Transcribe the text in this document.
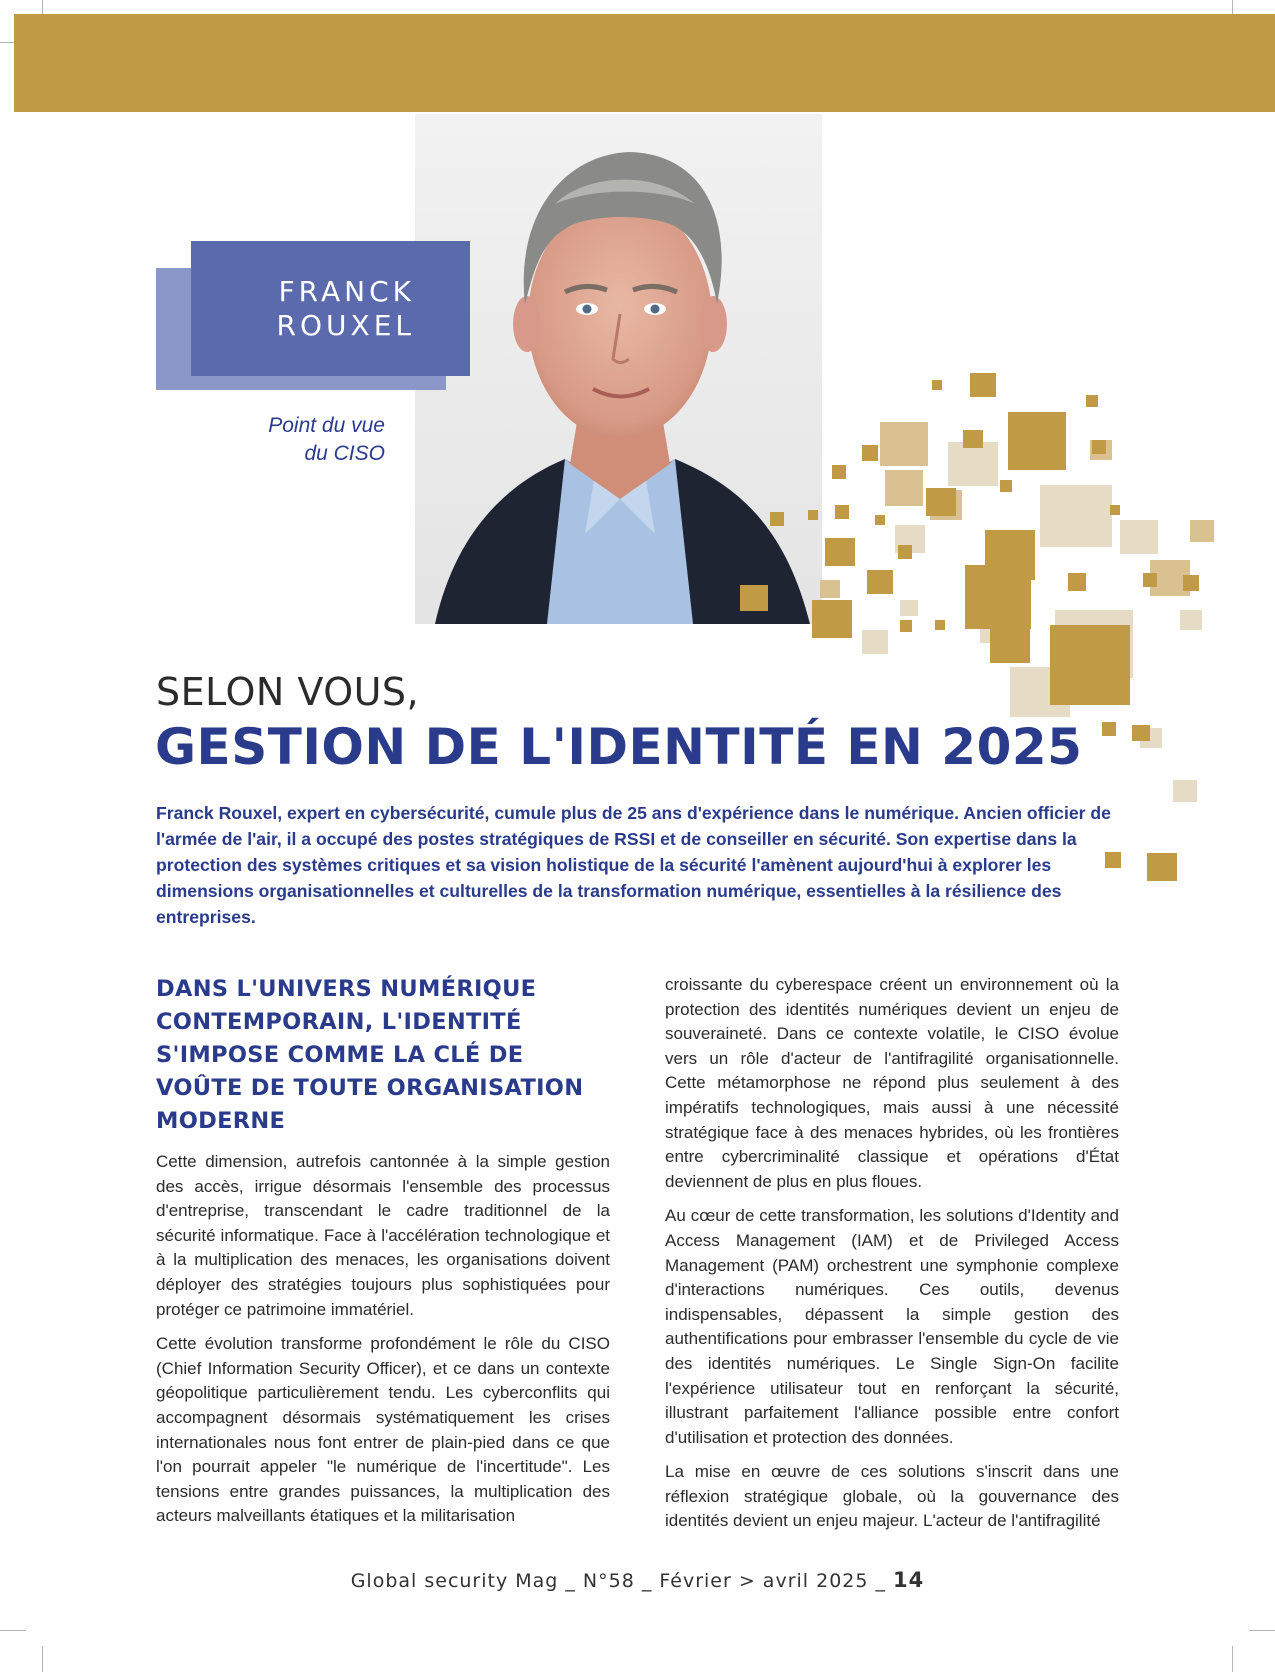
FRANCK
ROUXEL
Point du vue
du CISO
SELON VOUS,
GESTION DE L'IDENTITÉ EN 2025

Franck Rouxel, expert en cybersécurité, cumule plus de 25 ans d'expérience dans le numérique. Ancien officier de l'armée de l'air, il a occupé des postes stratégiques de RSSI et de conseiller en sécurité. Son expertise dans la protection des systèmes critiques et sa vision holistique de la sécurité l'amènent aujourd'hui à explorer les dimensions organisationnelles et culturelles de la transformation numérique, essentielles à la résilience des entreprises.

DANS L'UNIVERS NUMÉRIQUE CONTEMPORAIN, L'IDENTITÉ S'IMPOSE COMME LA CLÉ DE VOÛTE DE TOUTE ORGANISATION MODERNE

Cette dimension, autrefois cantonnée à la simple gestion des accès, irrigue désormais l'ensemble des processus d'entreprise, transcendant le cadre traditionnel de la sécurité informatique. Face à l'accélération technologique et à la multiplication des menaces, les organisations doivent déployer des stratégies toujours plus sophistiquées pour protéger ce patrimoine immatériel.

Cette évolution transforme profondément le rôle du CISO (Chief Information Security Officer), et ce dans un contexte géopolitique particulièrement tendu. Les cyberconflits qui accompagnent désormais systématiquement les crises internationales nous font entrer de plain-pied dans ce que l'on pourrait appeler "le numérique de l'incertitude". Les tensions entre grandes puissances, la multiplication des acteurs malveillants étatiques et la militarisation

croissante du cyberespace créent un environnement où la protection des identités numériques devient un enjeu de souveraineté. Dans ce contexte volatile, le CISO évolue vers un rôle d'acteur de l'antifragilité organisationnelle. Cette métamorphose ne répond plus seulement à des impératifs technologiques, mais aussi à une nécessité stratégique face à des menaces hybrides, où les frontières entre cybercriminalité classique et opérations d'État deviennent de plus en plus floues.

Au cœur de cette transformation, les solutions d'Identity and Access Management (IAM) et de Privileged Access Management (PAM) orchestrent une symphonie complexe d'interactions numériques. Ces outils, devenus indispensables, dépassent la simple gestion des authentifications pour embrasser l'ensemble du cycle de vie des identités numériques. Le Single Sign-On facilite l'expérience utilisateur tout en renforçant la sécurité, illustrant parfaitement l'alliance possible entre confort d'utilisation et protection des données.

La mise en œuvre de ces solutions s'inscrit dans une réflexion stratégique globale, où la gouvernance des identités devient un enjeu majeur. L'acteur de l'antifragilité

Global security Mag _ N°58 _ Février > avril 2025 _ 14
